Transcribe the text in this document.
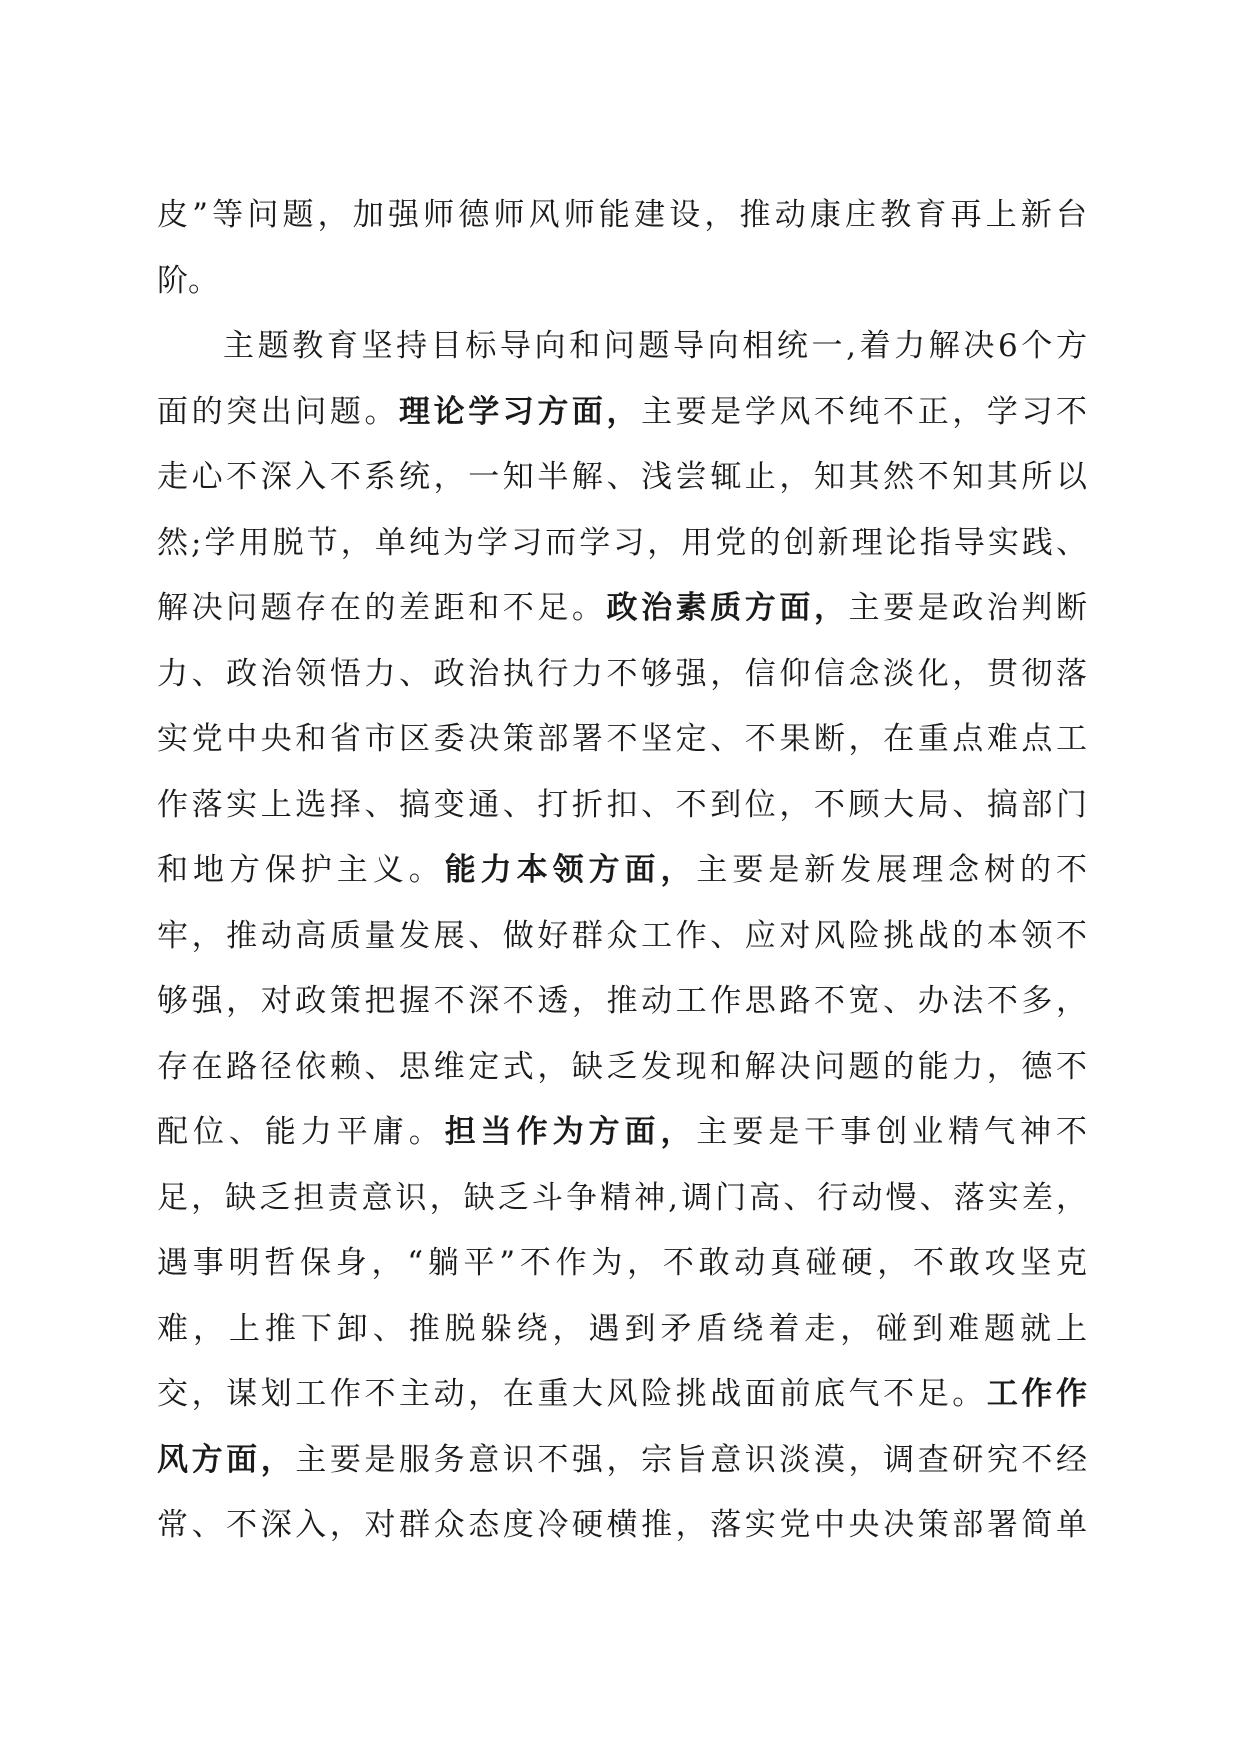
皮”等问题，加强师德师风师能建设，推动康庄教育再上新台
阶。
主题教育坚持目标导向和问题导向相统一,着力解决6个方
面的突出问题。理论学习方面，主要是学风不纯不正，学习不
走心不深入不系统，一知半解、浅尝辄止，知其然不知其所以
然;学用脱节，单纯为学习而学习，用党的创新理论指导实践、
解决问题存在的差距和不足。政治素质方面，主要是政治判断
力、政治领悟力、政治执行力不够强，信仰信念淡化，贯彻落
实党中央和省市区委决策部署不坚定、不果断，在重点难点工
作落实上选择、搞变通、打折扣、不到位，不顾大局、搞部门
和地方保护主义。能力本领方面，主要是新发展理念树的不
牢，推动高质量发展、做好群众工作、应对风险挑战的本领不
够强，对政策把握不深不透，推动工作思路不宽、办法不多，
存在路径依赖、思维定式，缺乏发现和解决问题的能力，德不
配位、能力平庸。担当作为方面，主要是干事创业精气神不
足，缺乏担责意识，缺乏斗争精神,调门高、行动慢、落实差，
遇事明哲保身，“躺平”不作为，不敢动真碰硬，不敢攻坚克
难，上推下卸、推脱躲绕，遇到矛盾绕着走，碰到难题就上
交，谋划工作不主动，在重大风险挑战面前底气不足。工作作
风方面，主要是服务意识不强，宗旨意识淡漠，调查研究不经
常、不深入，对群众态度冷硬横推，落实党中央决策部署简单
